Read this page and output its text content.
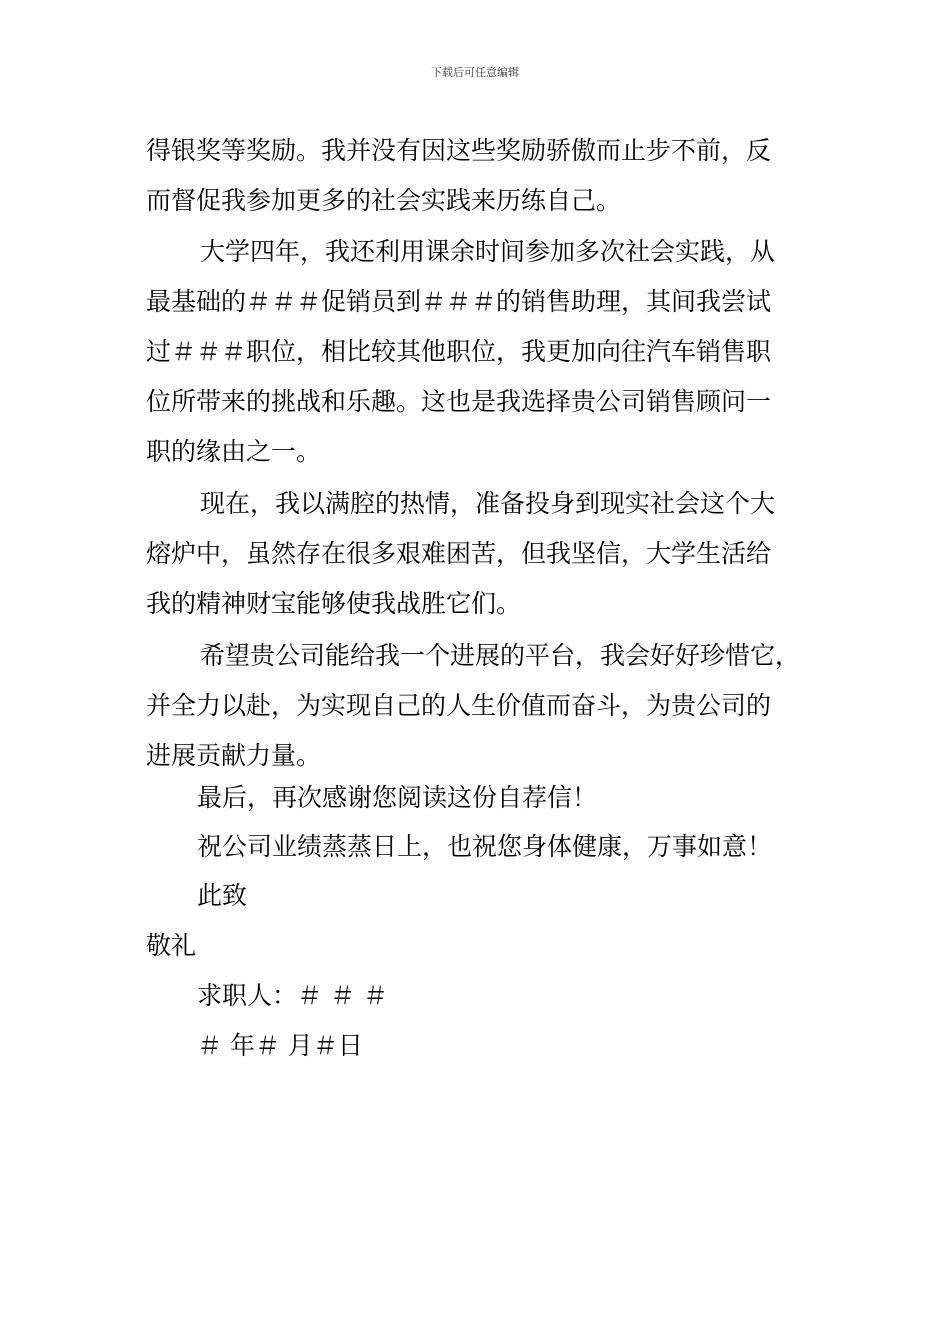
下载后可任意编辑
得银奖等奖励。我并没有因这些奖励骄傲而止步不前，反
而督促我参加更多的社会实践来历练自己。
大学四年，我还利用课余时间参加多次社会实践，从
最基础的＃＃＃促销员到＃＃＃的销售助理，其间我尝试
过＃＃＃职位，相比较其他职位，我更加向往汽车销售职
位所带来的挑战和乐趣。这也是我选择贵公司销售顾问一
职的缘由之一。
现在，我以满腔的热情，准备投身到现实社会这个大
熔炉中，虽然存在很多艰难困苦，但我坚信，大学生活给
我的精神财宝能够使我战胜它们。
希望贵公司能给我一个进展的平台，我会好好珍惜它，
并全力以赴，为实现自己的人生价值而奋斗，为贵公司的
进展贡献力量。
最后，再次感谢您阅读这份自荐信！
祝公司业绩蒸蒸日上，也祝您身体健康，万事如意！
此致
敬礼
求职人：＃ ＃ ＃
＃ 年＃ 月＃日
